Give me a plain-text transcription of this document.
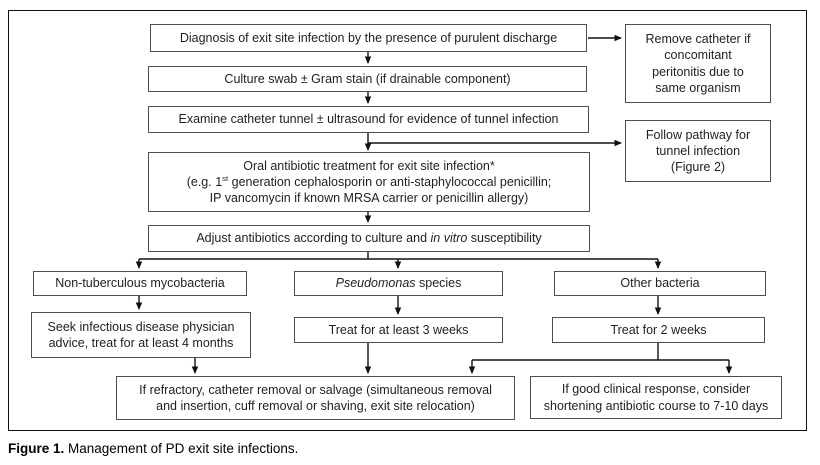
Diagnosis of exit site infection by the presence of purulent discharge	Remove catheter if
concomitant
peritonitis due to
same organism
Culture swab ± Gram stain (if drainable component)
Examine catheter tunnel ± ultrasound for evidence of tunnel infection
Follow pathway for
tunnel infection
(Figure 2)
Oral antibiotic treatment for exit site infection*
(e.g. 1st generation cephalosporin or anti-staphylococcal penicillin;
IP vancomycin if known MRSA carrier or penicillin allergy)
Adjust antibiotics according to culture and in vitro susceptibility
Non-tuberculous mycobacteria	Pseudomonas species	Other bacteria
Seek infectious disease physician
advice, treat for at least 4 months
Treat for at least 3 weeks	Treat for 2 weeks
If refractory, catheter removal or salvage (simultaneous removal
and insertion, cuff removal or shaving, exit site relocation)
If good clinical response, consider
shortening antibiotic course to 7-10 days
Figure 1. Management of PD exit site infections.
